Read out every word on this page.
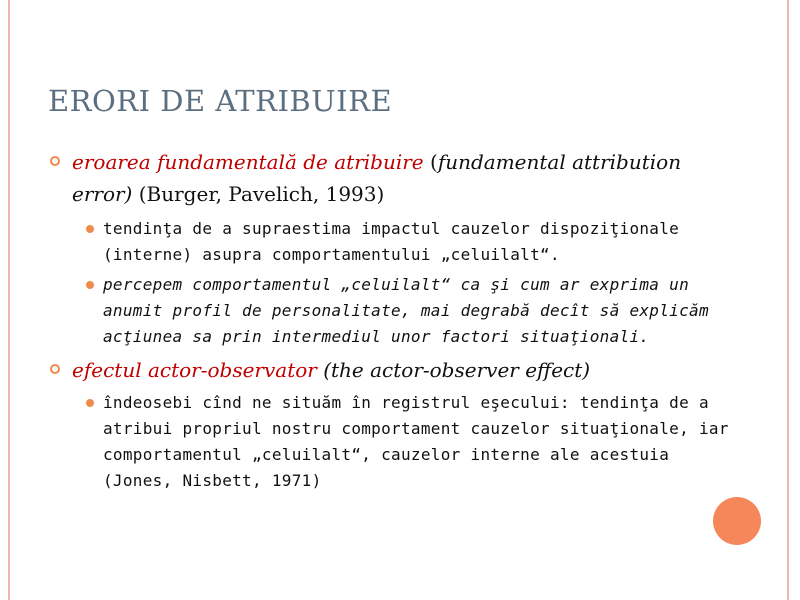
ERORI DE ATRIBUIRE
eroarea fundamentală de atribuire (fundamental attribution error) (Burger, Pavelich, 1993)
tendinţa de a supraestima impactul cauzelor dispoziţionale (interne) asupra comportamentului „celuilalt“.
percepem comportamentul „celuilalt“ ca şi cum ar exprima un anumit profil de personalitate, mai degrabă decît să explicăm acţiunea sa prin intermediul unor factori situaţionali.
efectul actor-observator (the actor-observer effect)
îndeosebi cînd ne situăm în registrul eşecului: tendinţa de a atribui propriul nostru comportament cauzelor situaţionale, iar comportamentul „celuilalt“, cauzelor interne ale acestuia (Jones, Nisbett, 1971)
